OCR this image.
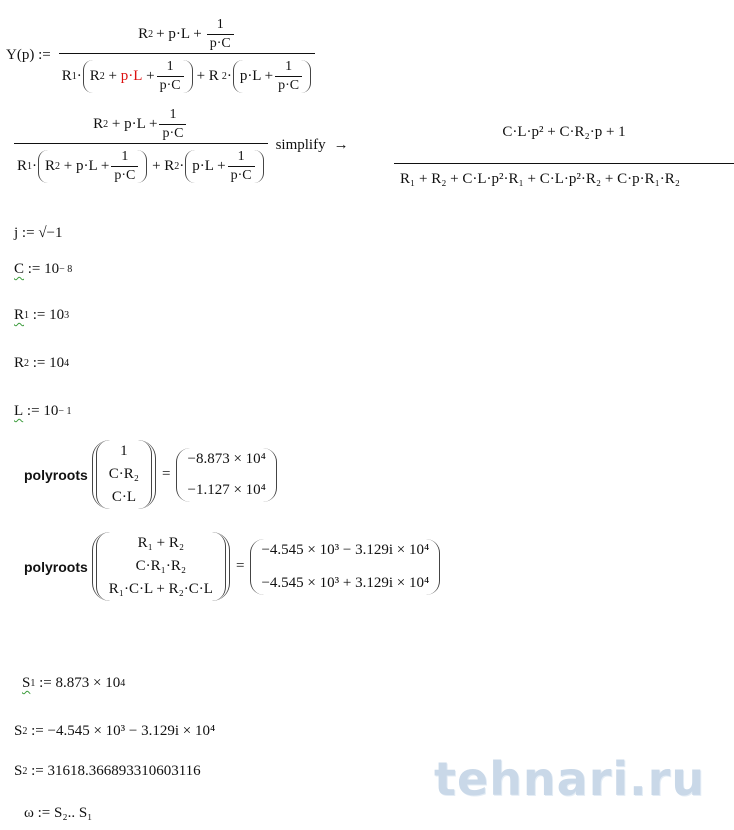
Y(p) :=
R $2 + p\cdot L + \frac{1}{p\cdot C}$
R 1 · R $2 + p\cdot L + \frac{1}{p\cdot C} + R$ $2 \cdot p\cdot L + \frac{1}{p\cdot C}$
R $2 + p\cdot L + \frac{1}{p\cdot C}$
R 1 · R $2 + p\cdot L + \frac{1}{p\cdot C} + R$ $2 \cdot p\cdot L + \frac{1}{p\cdot C}$
simplify →
C·L·p² + C·R₂·p + 1
R₁ + R₂ + C·L·p²·R₁ + C·L·p²·R₂ + C·p·R₁·R₂
j
:=
√−1
C
:=
10 − 8
R 1
:=
10 3
R 2
:=
10 4
L
:=
10 − 1
polyroots
1
C·R₂
C·L
=
−8.873 × 10⁴
−1.127 × 10⁴
polyroots
R₁ + R₂
C·R₁·R₂
R₁·C·L + R₂·C·L
=
−4.545 × 10³ − 3.129i × 10⁴
−4.545 × 10³ + 3.129i × 10⁴
S 1
:=
8.873 × 10 4
S 2
:=
−4.545 × 10³ − 3.129i × 10⁴
S 2
:=
31618.366893310603116
ω
:=
S₂.. S₁
tehnari.ru
